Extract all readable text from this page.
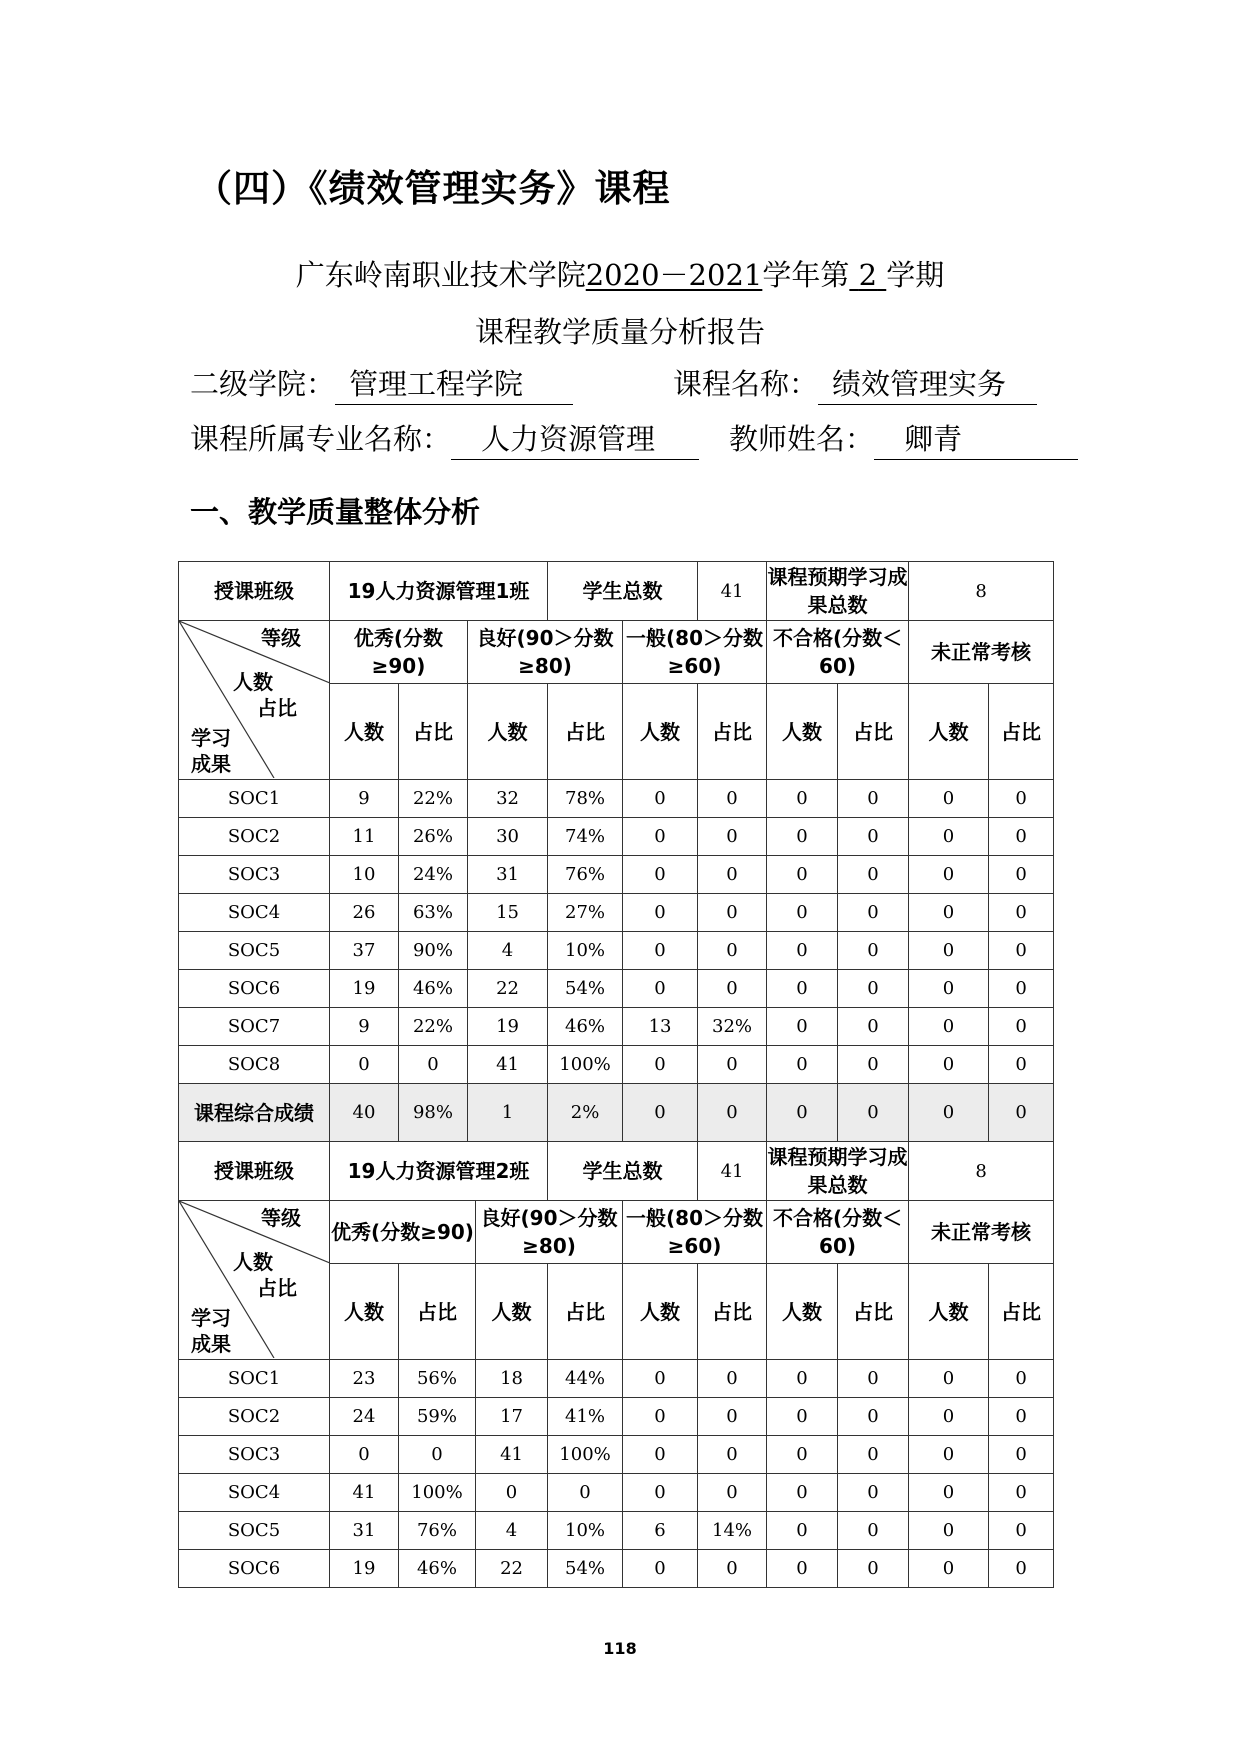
（四）《绩效管理实务》课程
广东岭南职业技术学院2020－2021学年第 2 学期
课程教学质量分析报告
二级学院： 管理工程学院	课程名称： 绩效管理实务
课程所属专业名称： 人力资源管理	教师姓名： 卿青
一、教学质量整体分析
授课班级	19人力资源管理1班			学生总数		41	课程预期学习成果总数		8	

等级
人数
占比
学习
成果	优秀(分数≥90)		良好(90＞分数≥80)		一般(80＞分数≥60)		不合格(分数＜60)		未正常考核	
	人数	占比	人数	占比	人数	占比	人数	占比	人数	占比
SOC1	9	22%	32	78%	0	0	0	0	0	0
SOC2	11	26%	30	74%	0	0	0	0	0	0
SOC3	10	24%	31	76%	0	0	0	0	0	0
SOC4	26	63%	15	27%	0	0	0	0	0	0
SOC5	37	90%	4	10%	0	0	0	0	0	0
SOC6	19	46%	22	54%	0	0	0	0	0	0
SOC7	9	22%	19	46%	13	32%	0	0	0	0
SOC8	0	0	41	100%	0	0	0	0	0	0
课程综合成绩	40	98%	1	2%	0	0	0	0	0	0
授课班级	19人力资源管理2班			学生总数		41	课程预期学习成果总数		8	

等级
人数
占比
学习
成果	优秀(分数≥90)		良好(90＞分数≥80)		一般(80＞分数≥60)		不合格(分数＜60)		未正常考核	
	人数	占比	人数	占比	人数	占比	人数	占比	人数	占比
SOC1	23	56%	18	44%	0	0	0	0	0	0
SOC2	24	59%	17	41%	0	0	0	0	0	0
SOC3	0	0	41	100%	0	0	0	0	0	0
SOC4	41	100%	0	0	0	0	0	0	0	0
SOC5	31	76%	4	10%	6	14%	0	0	0	0
SOC6	19	46%	22	54%	0	0	0	0	0	0
118
